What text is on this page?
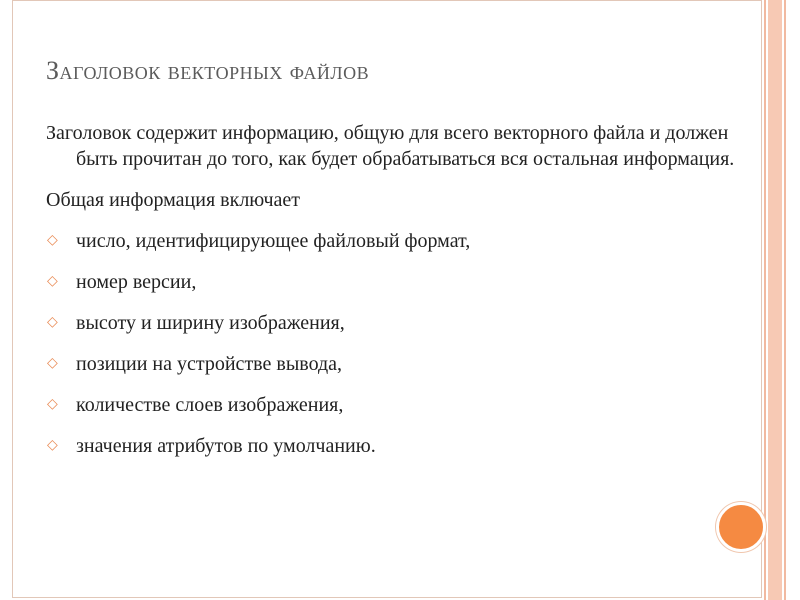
Заголовок векторных файлов

Заголовок содержит информацию, общую для всего векторного файла и должен быть прочитан до того, как будет обрабатываться вся остальная информация.

Общая информация включает

◇ число, идентифицирующее файловый формат,
◇ номер версии,
◇ высоту и ширину изображения,
◇ позиции на устройстве вывода,
◇ количестве слоев изображения,
◇ значения атрибутов по умолчанию.
